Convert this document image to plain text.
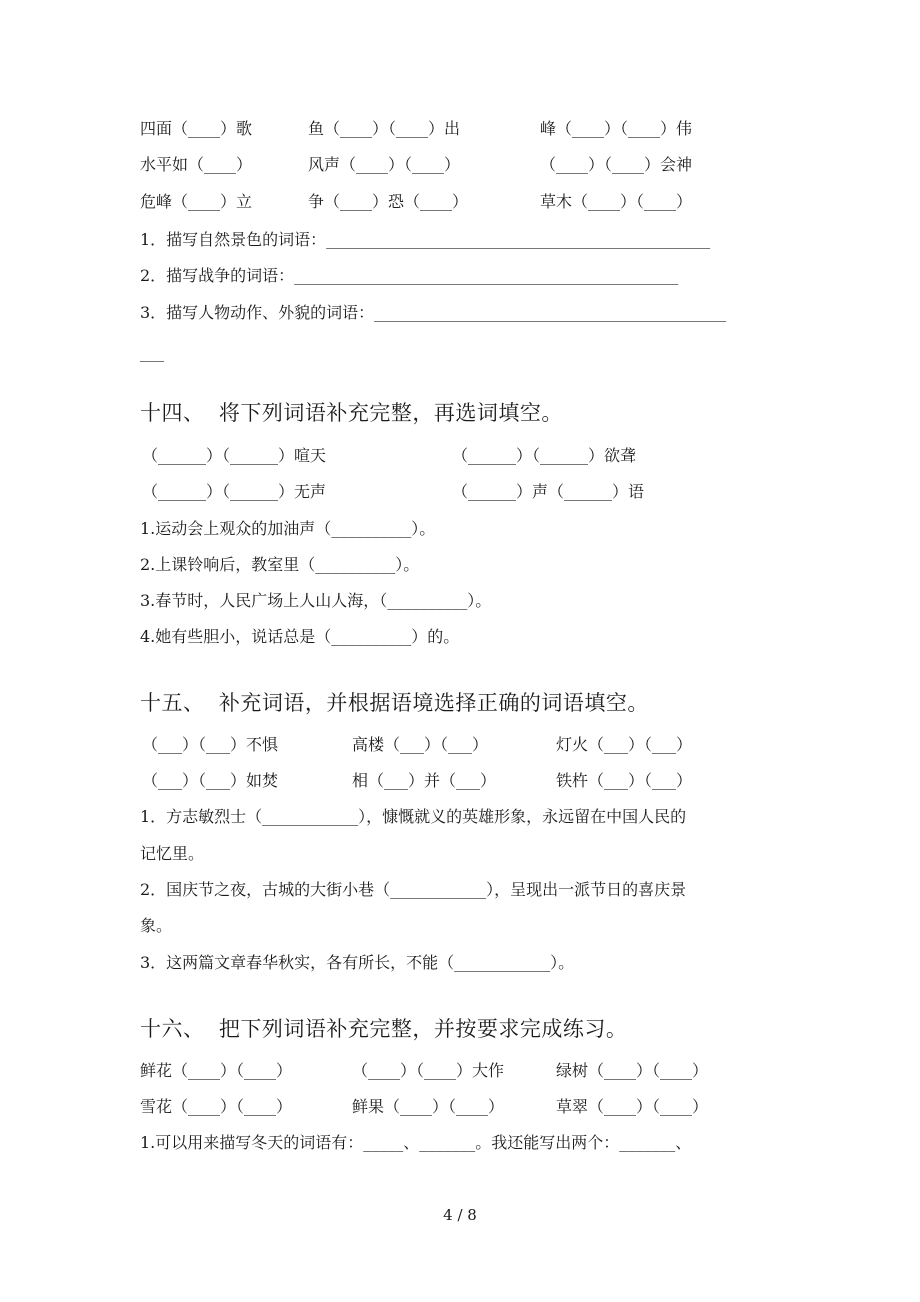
四面（____）歌	鱼（____）（____）出	峰（____）（____）伟
水平如（____）	风声（____）（____）	（____）（____）会神
危峰（____）立	争（____）恐（____）	草木（____）（____）
1．描写自然景色的词语：________________________________________________
2．描写战争的词语：________________________________________________
3．描写人物动作、外貌的词语：____________________________________________
___
十四、  将下列词语补充完整，再选词填空。
（______）（______）喧天	（______）（______）欲聋
（______）（______）无声	（______）声（______）语
1.运动会上观众的加油声（__________）。
2.上课铃响后，教室里（__________）。
3.春节时，人民广场上人山人海，（__________）。
4.她有些胆小，说话总是（__________）的。
十五、  补充词语，并根据语境选择正确的词语填空。
（___）（___）不惧	高楼（___）（___）	灯火（___）（___）
（___）（___）如焚	相（___）并（___）	铁杵（___）（___）
1．方志敏烈士（____________），慷慨就义的英雄形象，永远留在中国人民的
记忆里。
2．国庆节之夜，古城的大街小巷（____________），呈现出一派节日的喜庆景
象。
3．这两篇文章春华秋实，各有所长，不能（____________）。
十六、  把下列词语补充完整，并按要求完成练习。
鲜花（____）（____）	（____）（____）大作	绿树（____）（____）
雪花（____）（____）	鲜果（____）（____）	草翠（____）（____）
1.可以用来描写冬天的词语有：_____、_______。我还能写出两个：_______、
4 / 8
